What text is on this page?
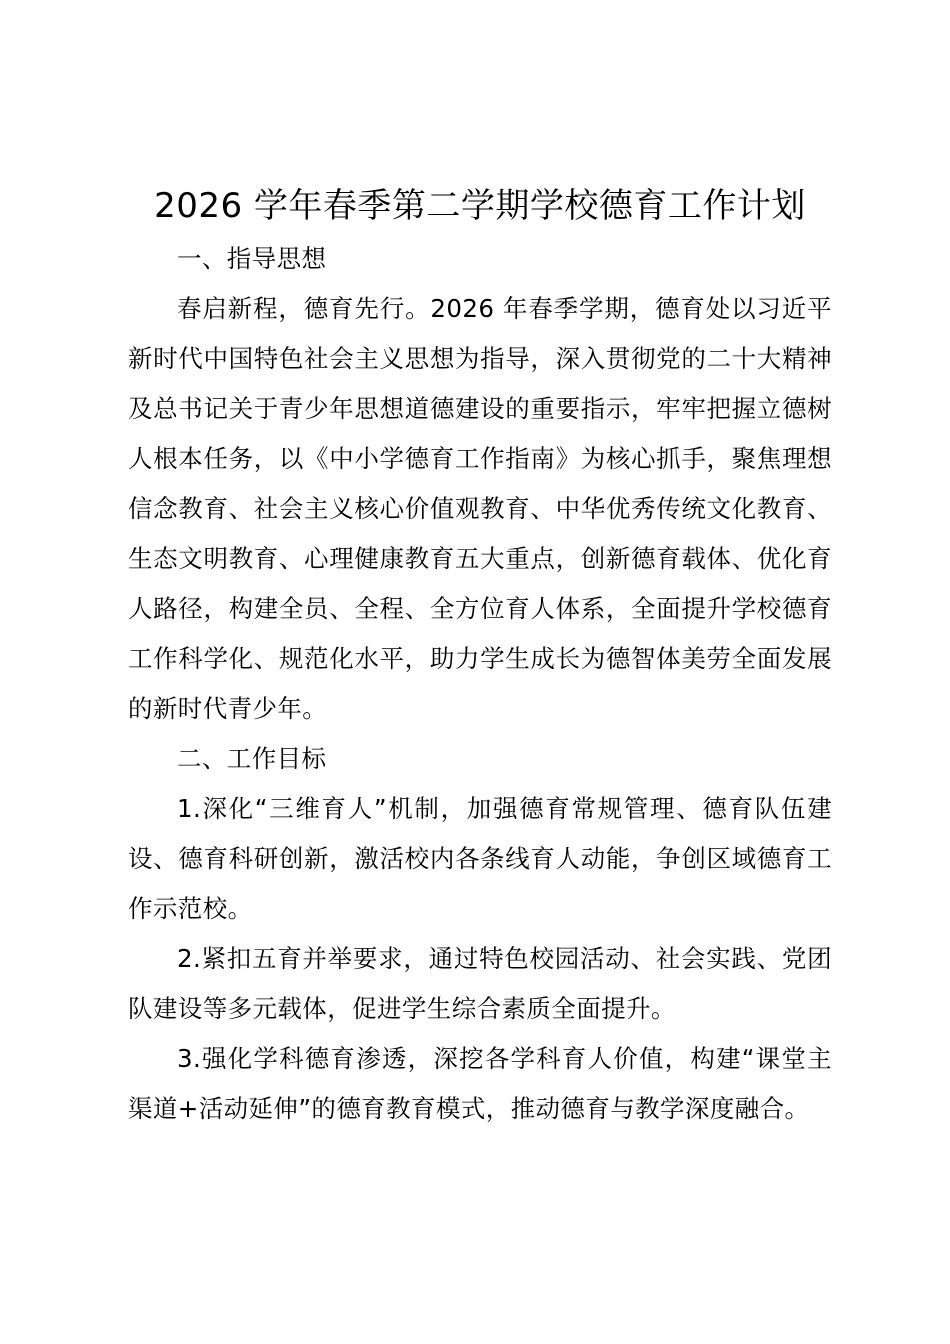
2026 学年春季第二学期学校德育工作计划
一、指导思想

春启新程，德育先行。2026 年春季学期，德育处以习近平新时代中国特色社会主义思想为指导，深入贯彻党的二十大精神及总书记关于青少年思想道德建设的重要指示，牢牢把握立德树人根本任务，以《中小学德育工作指南》为核心抓手，聚焦理想信念教育、社会主义核心价值观教育、中华优秀传统文化教育、生态文明教育、心理健康教育五大重点，创新德育载体、优化育人路径，构建全员、全程、全方位育人体系，全面提升学校德育工作科学化、规范化水平，助力学生成长为德智体美劳全面发展的新时代青少年。

二、工作目标

1.深化“三维育人”机制，加强德育常规管理、德育队伍建设、德育科研创新，激活校内各条线育人动能，争创区域德育工作示范校。

2.紧扣五育并举要求，通过特色校园活动、社会实践、党团队建设等多元载体，促进学生综合素质全面提升。

3.强化学科德育渗透，深挖各学科育人价值，构建“课堂主渠道+活动延伸”的德育教育模式，推动德育与教学深度融合。
